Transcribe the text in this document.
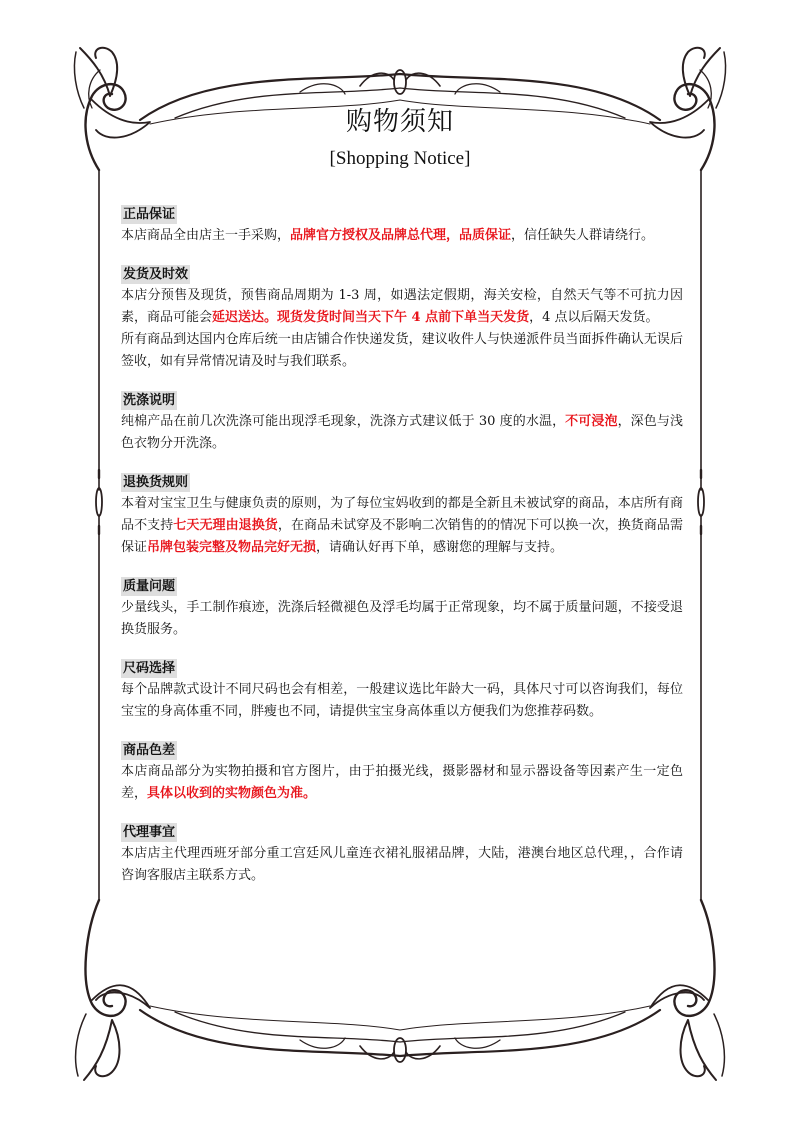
购物须知
[Shopping Notice]
正品保证

本店商品全由店主一手采购，品牌官方授权及品牌总代理，品质保证，信任缺失人群请绕行。

发货及时效

本店分预售及现货，预售商品周期为 1-3 周，如遇法定假期，海关安检，自然天气等不可抗力因素，商品可能会延迟送达。现货发货时间当天下午 4 点前下单当天发货，4 点以后隔天发货。

所有商品到达国内仓库后统一由店铺合作快递发货，建议收件人与快递派件员当面拆件确认无误后签收，如有异常情况请及时与我们联系。

洗涤说明

纯棉产品在前几次洗涤可能出现浮毛现象，洗涤方式建议低于 30 度的水温，不可浸泡，深色与浅色衣物分开洗涤。

退换货规则

本着对宝宝卫生与健康负责的原则，为了每位宝妈收到的都是全新且未被试穿的商品，本店所有商品不支持七天无理由退换货，在商品未试穿及不影响二次销售的的情况下可以换一次，换货商品需保证吊牌包装完整及物品完好无损，请确认好再下单，感谢您的理解与支持。

质量问题

少量线头，手工制作痕迹，洗涤后轻微褪色及浮毛均属于正常现象，均不属于质量问题，不接受退换货服务。

尺码选择

每个品牌款式设计不同尺码也会有相差，一般建议选比年龄大一码，具体尺寸可以咨询我们，每位宝宝的身高体重不同，胖瘦也不同，请提供宝宝身高体重以方便我们为您推荐码数。

商品色差

本店商品部分为实物拍摄和官方图片，由于拍摄光线，摄影器材和显示器设备等因素产生一定色差，具体以收到的实物颜色为准。

代理事宜

本店店主代理西班牙部分重工宫廷风儿童连衣裙礼服裙品牌，大陆，港澳台地区总代理，，合作请咨询客服店主联系方式。
